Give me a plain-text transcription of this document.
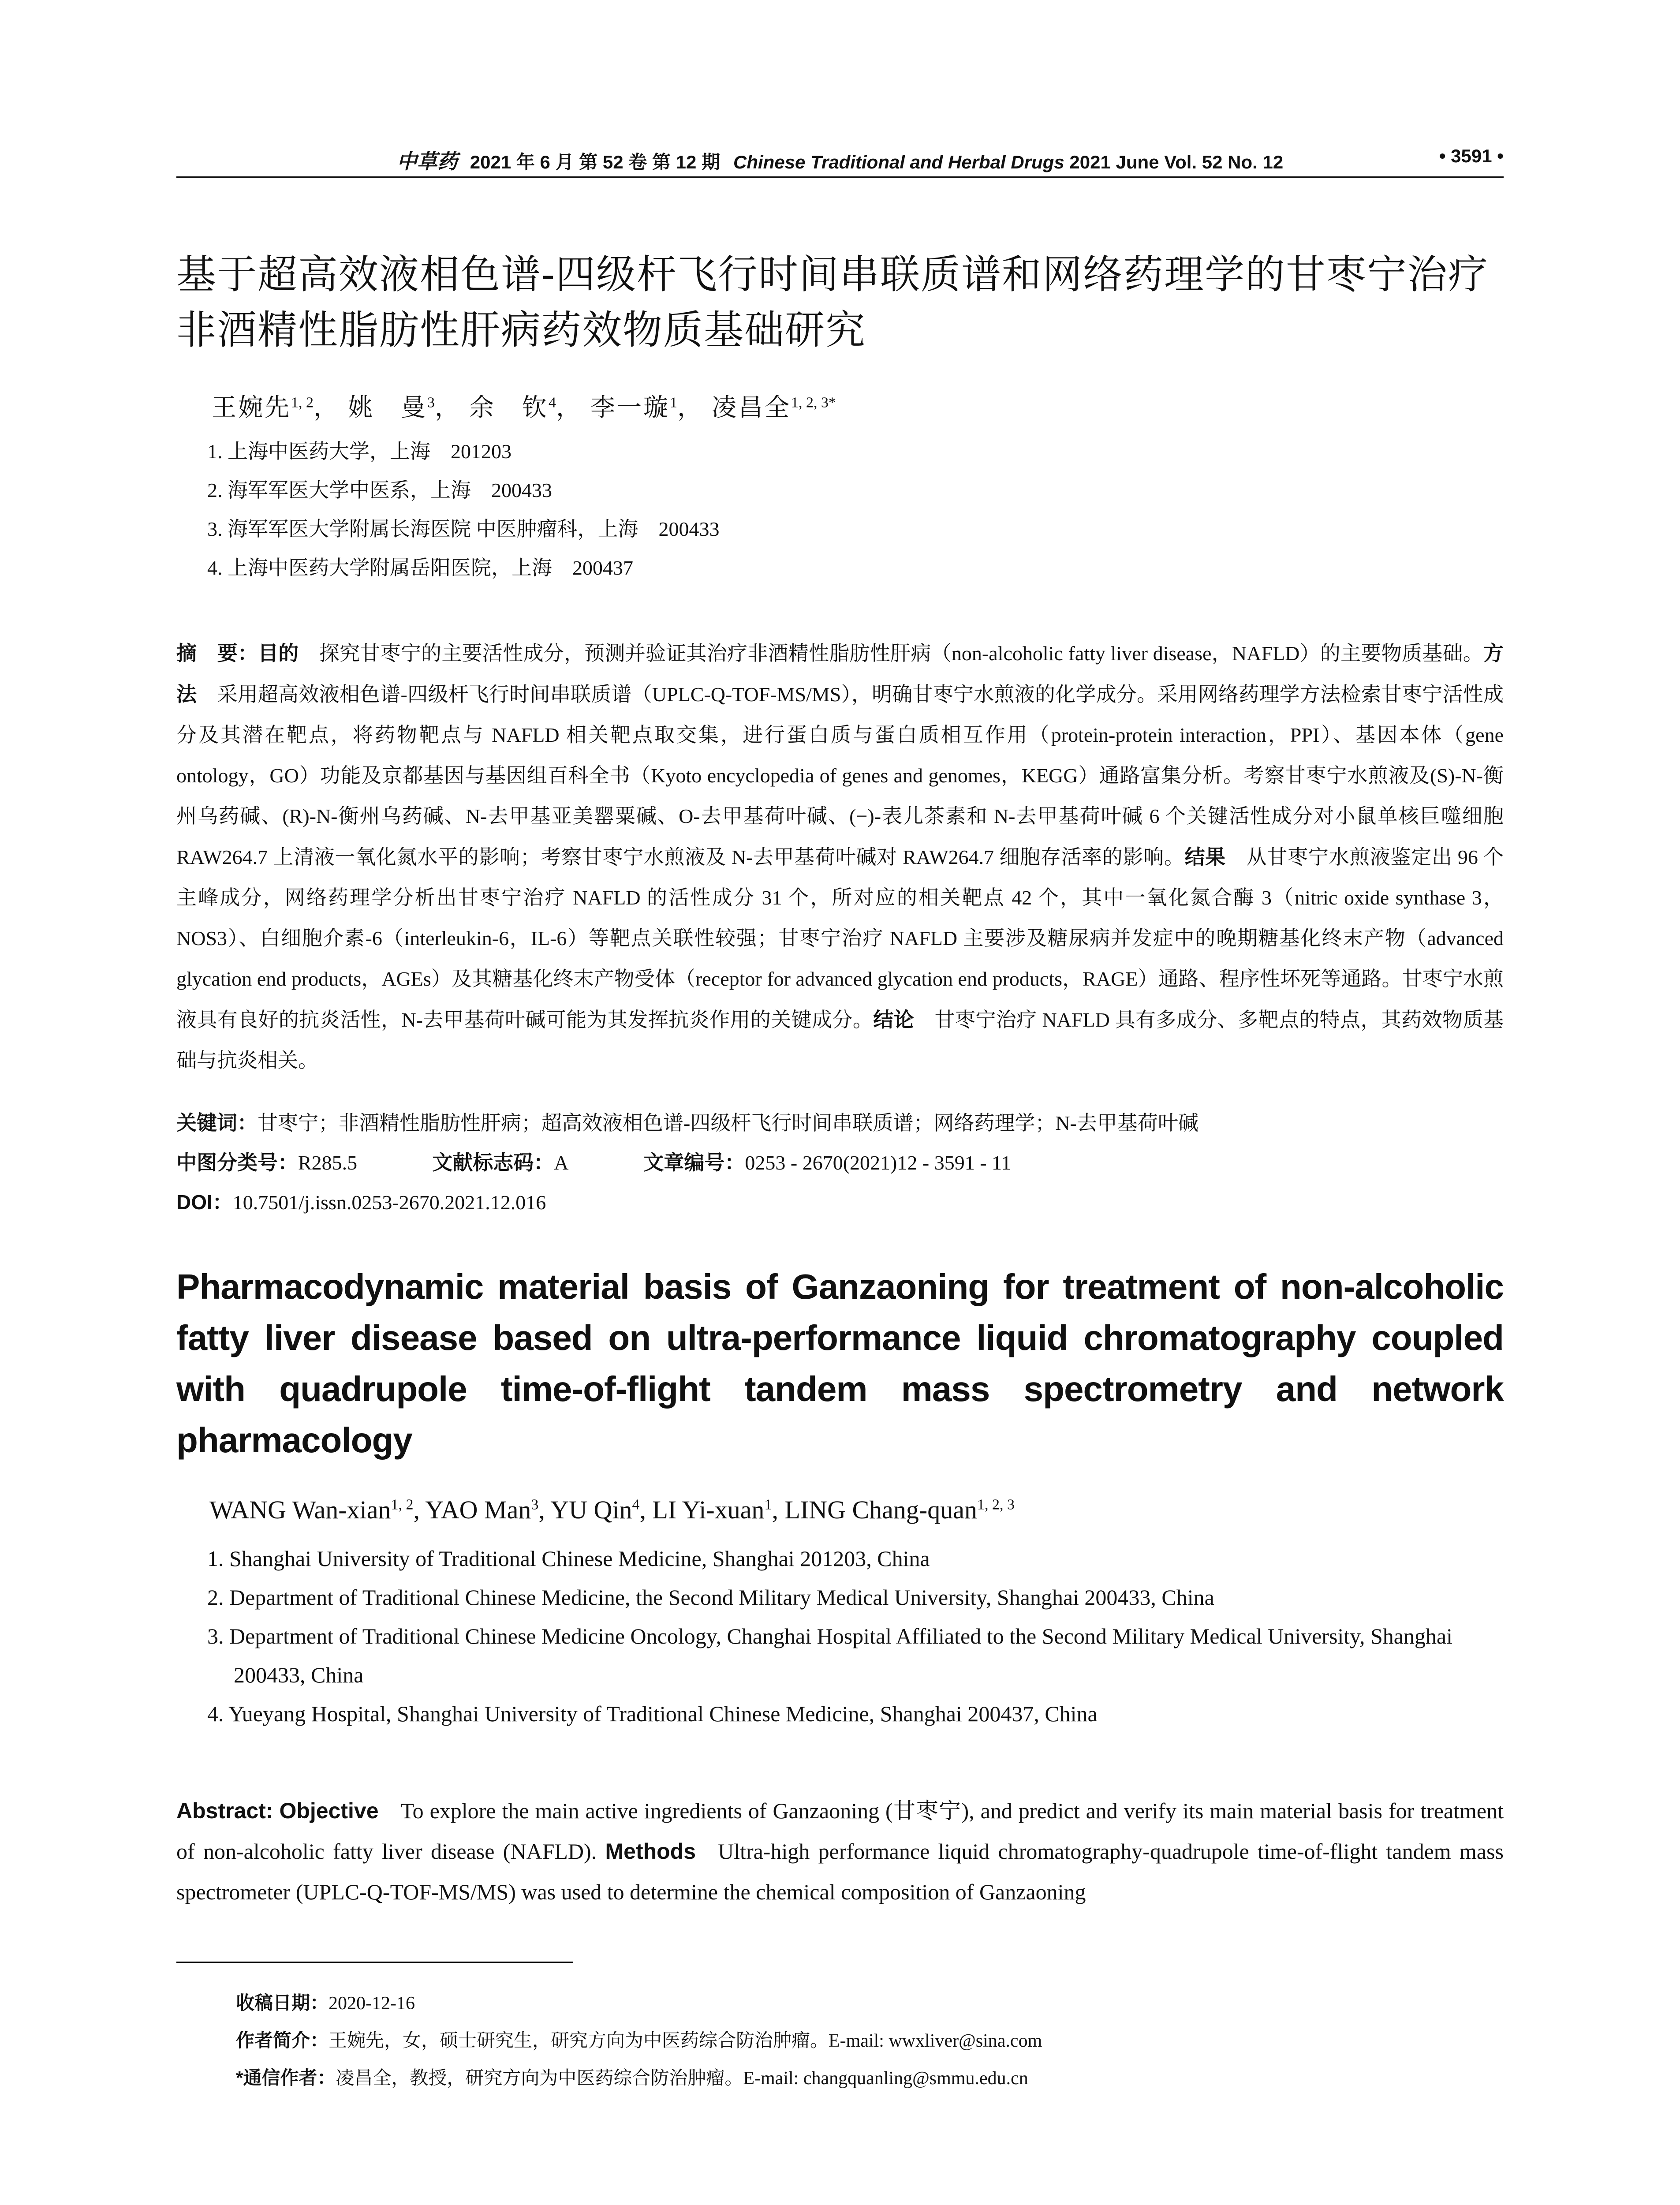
中草药 2021 年 6 月 第 52 卷 第 12 期 Chinese Traditional and Herbal Drugs 2021 June Vol. 52 No. 12	• 3591 •
基于超高效液相色谱-四级杆飞行时间串联质谱和网络药理学的甘枣宁治疗非酒精性脂肪性肝病药效物质基础研究
王婉先$^{1, 2}$， 姚　曼$^3$， 余　钦$^4$， 李一璇$^1$， 凌昌全$^{1, 2, 3*}$
1. 上海中医药大学，上海　201203
2. 海军军医大学中医系，上海　200433
3. 海军军医大学附属长海医院 中医肿瘤科，上海　200433
4. 上海中医药大学附属岳阳医院，上海　200437
摘　要：目的　 探究甘枣宁的主要活性成分，预测并验证其治疗非酒精性脂肪性肝病（non-alcoholic fatty liver disease，NAFLD）的主要物质基础。方法　 采用超高效液相色谱-四级杆飞行时间串联质谱（UPLC-Q-TOF-MS/MS），明确甘枣宁水煎液的化学成分。采用网络药理学方法检索甘枣宁活性成分及其潜在靶点，将药物靶点与 NAFLD 相关靶点取交集，进行蛋白质与蛋白质相互作用（protein-protein interaction，PPI）、基因本体（gene ontology，GO）功能及京都基因与基因组百科全书（Kyoto encyclopedia of genes and genomes，KEGG）通路富集分析。考察甘枣宁水煎液及(S)-N-衡州乌药碱、(R)-N-衡州乌药碱、N-去甲基亚美罂粟碱、O-去甲基荷叶碱、(−)-表儿茶素和 N-去甲基荷叶碱 6 个关键活性成分对小鼠单核巨噬细胞 RAW264.7 上清液一氧化氮水平的影响；考察甘枣宁水煎液及 N-去甲基荷叶碱对 RAW264.7 细胞存活率的影响。结果　 从甘枣宁水煎液鉴定出 96 个主峰成分，网络药理学分析出甘枣宁治疗 NAFLD 的活性成分 31 个，所对应的相关靶点 42 个，其中一氧化氮合酶 3（nitric oxide synthase 3，NOS3）、白细胞介素-6（interleukin-6，IL-6）等靶点关联性较强；甘枣宁治疗 NAFLD 主要涉及糖尿病并发症中的晚期糖基化终末产物（advanced glycation end products，AGEs）及其糖基化终末产物受体（receptor for advanced glycation end products，RAGE）通路、程序性坏死等通路。甘枣宁水煎液具有良好的抗炎活性，N-去甲基荷叶碱可能为其发挥抗炎作用的关键成分。结论　 甘枣宁治疗 NAFLD 具有多成分、多靶点的特点，其药效物质基础与抗炎相关。
关键词：甘枣宁；非酒精性脂肪性肝病；超高效液相色谱-四级杆飞行时间串联质谱；网络药理学；N-去甲基荷叶碱
中图分类号：R285.5	文献标志码：A	文章编号：0253 - 2670(2021)12 - 3591 - 11
DOI：10.7501/j.issn.0253-2670.2021.12.016
Pharmacodynamic material basis of Ganzaoning for treatment of non-alcoholic fatty liver disease based on ultra-performance liquid chromatography coupled with quadrupole time-of-flight tandem mass spectrometry and network pharmacology
WANG Wan-xian$^{1, 2}$, YAO Man$^3$, YU Qin$^4$, LI Yi-xuan$^1$, LING Chang-quan$^{1, 2, 3}$
1. Shanghai University of Traditional Chinese Medicine, Shanghai 201203, China
2. Department of Traditional Chinese Medicine, the Second Military Medical University, Shanghai 200433, China
3. Department of Traditional Chinese Medicine Oncology, Changhai Hospital Affiliated to the Second Military Medical University, Shanghai 200433, China
4. Yueyang Hospital, Shanghai University of Traditional Chinese Medicine, Shanghai 200437, China
Abstract: Objective  To explore the main active ingredients of Ganzaoning (甘枣宁), and predict and verify its main material basis for treatment of non-alcoholic fatty liver disease (NAFLD). Methods  Ultra-high performance liquid chromatography-quadrupole time-of-flight tandem mass spectrometer (UPLC-Q-TOF-MS/MS) was used to determine the chemical composition of Ganzaoning
收稿日期：2020-12-16
作者简介：王婉先，女，硕士研究生，研究方向为中医药综合防治肿瘤。E-mail: wwxliver@sina.com
*通信作者：凌昌全，教授，研究方向为中医药综合防治肿瘤。E-mail: changquanling@smmu.edu.cn
